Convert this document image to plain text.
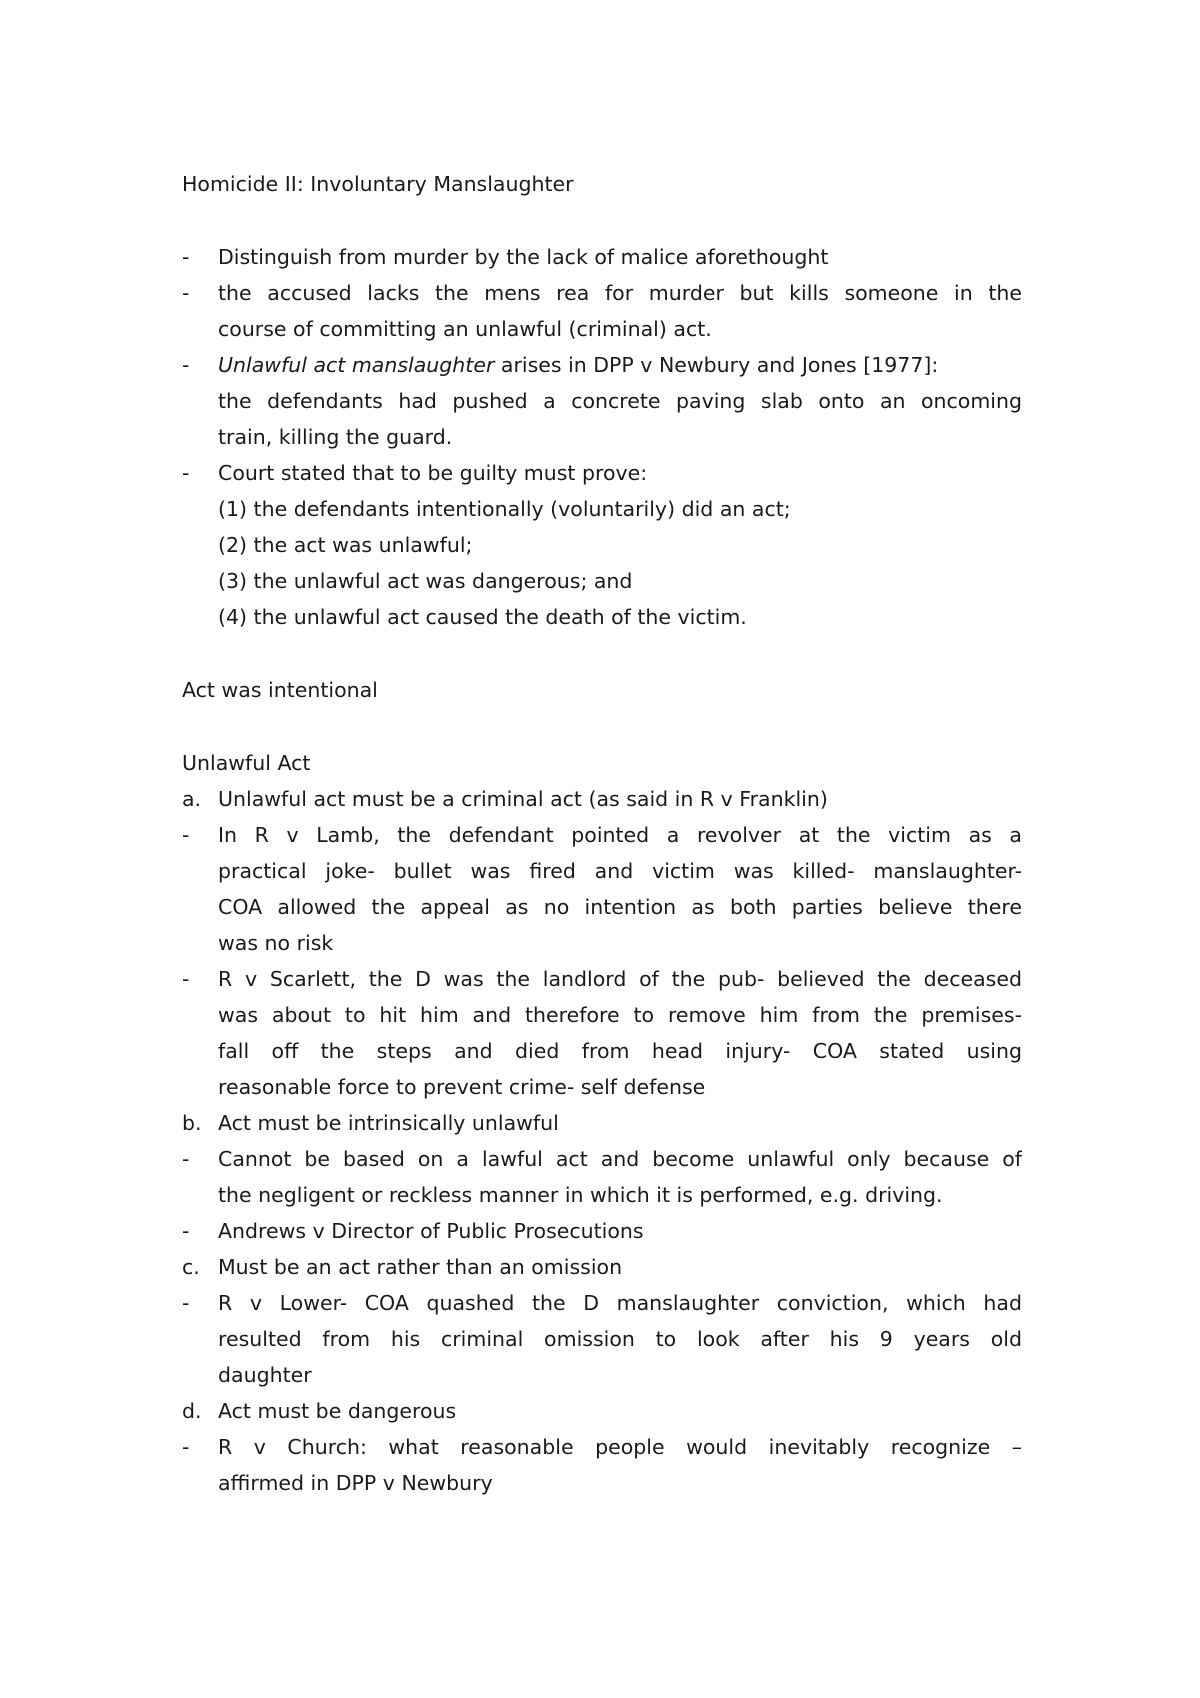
Homicide II: Involuntary Manslaughter
-	Distinguish from murder by the lack of malice aforethought
-	the accused lacks the mens rea for murder but kills someone in the
course of committing an unlawful (criminal) act.
-	Unlawful act manslaughter arises in DPP v Newbury and Jones [1977]:
the defendants had pushed a concrete paving slab onto an oncoming
train, killing the guard.
-	Court stated that to be guilty must prove:
(1) the defendants intentionally (voluntarily) did an act;
(2) the act was unlawful;
(3) the unlawful act was dangerous; and
(4) the unlawful act caused the death of the victim.
Act was intentional
Unlawful Act
a. Unlawful act must be a criminal act (as said in R v Franklin)
-	In R v Lamb, the defendant pointed a revolver at the victim as a
practical joke- bullet was fired and victim was killed- manslaughter-
COA allowed the appeal as no intention as both parties believe there
was no risk
-	R v Scarlett, the D was the landlord of the pub- believed the deceased
was about to hit him and therefore to remove him from the premises-
fall off the steps and died from head injury- COA stated using
reasonable force to prevent crime- self defense
b. Act must be intrinsically unlawful
-	Cannot be based on a lawful act and become unlawful only because of
the negligent or reckless manner in which it is performed, e.g. driving.
-	Andrews v Director of Public Prosecutions
c. Must be an act rather than an omission
-	R v Lower- COA quashed the D manslaughter conviction, which had
resulted from his criminal omission to look after his 9 years old
daughter
d. Act must be dangerous
-	R v Church: what reasonable people would inevitably recognize –
affirmed in DPP v Newbury
